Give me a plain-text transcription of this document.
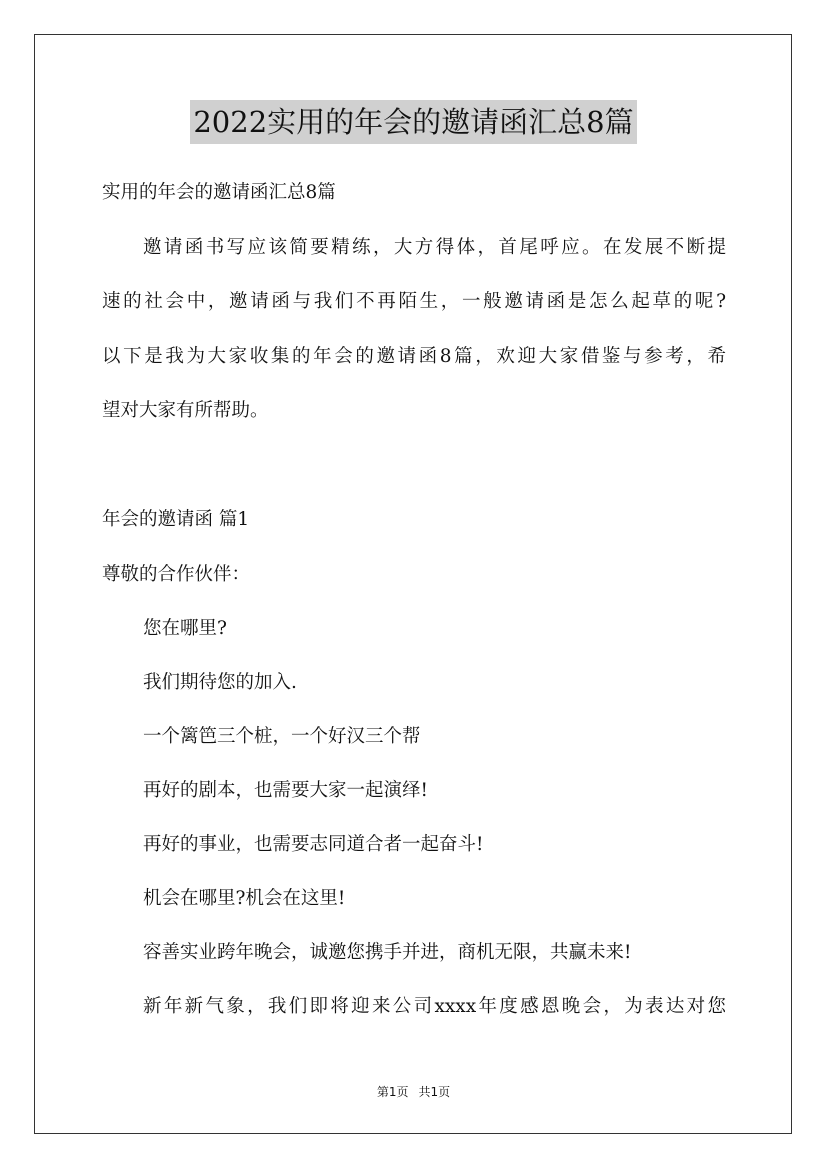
2022实用的年会的邀请函汇总8篇
实用的年会的邀请函汇总8篇
邀请函书写应该简要精练，大方得体，首尾呼应。在发展不断提
速的社会中，邀请函与我们不再陌生，一般邀请函是怎么起草的呢?
以下是我为大家收集的年会的邀请函8篇，欢迎大家借鉴与参考，希
望对大家有所帮助。
年会的邀请函 篇1
尊敬的合作伙伴：
您在哪里?
我们期待您的加入.
一个篱笆三个桩，一个好汉三个帮
再好的剧本，也需要大家一起演绎!
再好的事业，也需要志同道合者一起奋斗!
机会在哪里?机会在这里!
容善实业跨年晚会，诚邀您携手并进，商机无限，共赢未来!
新年新气象，我们即将迎来公司xxxx年度感恩晚会，为表达对您
第1页 共1页
